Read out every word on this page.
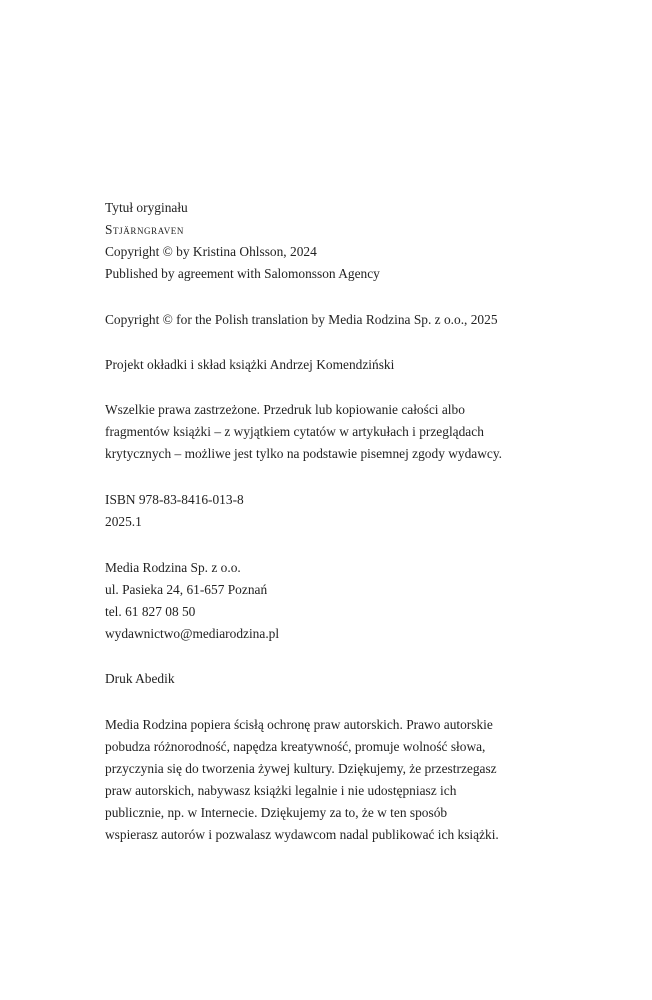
Tytuł oryginału
Stjärngraven
Copyright © by Kristina Ohlsson, 2024
Published by agreement with Salomonsson Agency
Copyright © for the Polish translation by Media Rodzina Sp. z o.o., 2025
Projekt okładki i skład książki Andrzej Komendziński
Wszelkie prawa zastrzeżone. Przedruk lub kopiowanie całości albo
fragmentów książki – z wyjątkiem cytatów w artykułach i przeglądach
krytycznych – możliwe jest tylko na podstawie pisemnej zgody wydawcy.
ISBN 978-83-8416-013-8
2025.1
Media Rodzina Sp. z o.o.
ul. Pasieka 24, 61-657 Poznań
tel. 61 827 08 50
wydawnictwo@mediarodzina.pl
Druk Abedik
Media Rodzina popiera ścisłą ochronę praw autorskich. Prawo autorskie
pobudza różnorodność, napędza kreatywność, promuje wolność słowa,
przyczynia się do tworzenia żywej kultury. Dziękujemy, że przestrzegasz
praw autorskich, nabywasz książki legalnie i nie udostępniasz ich
publicznie, np. w Internecie. Dziękujemy za to, że w ten sposób
wspierasz autorów i pozwalasz wydawcom nadal publikować ich książki.
